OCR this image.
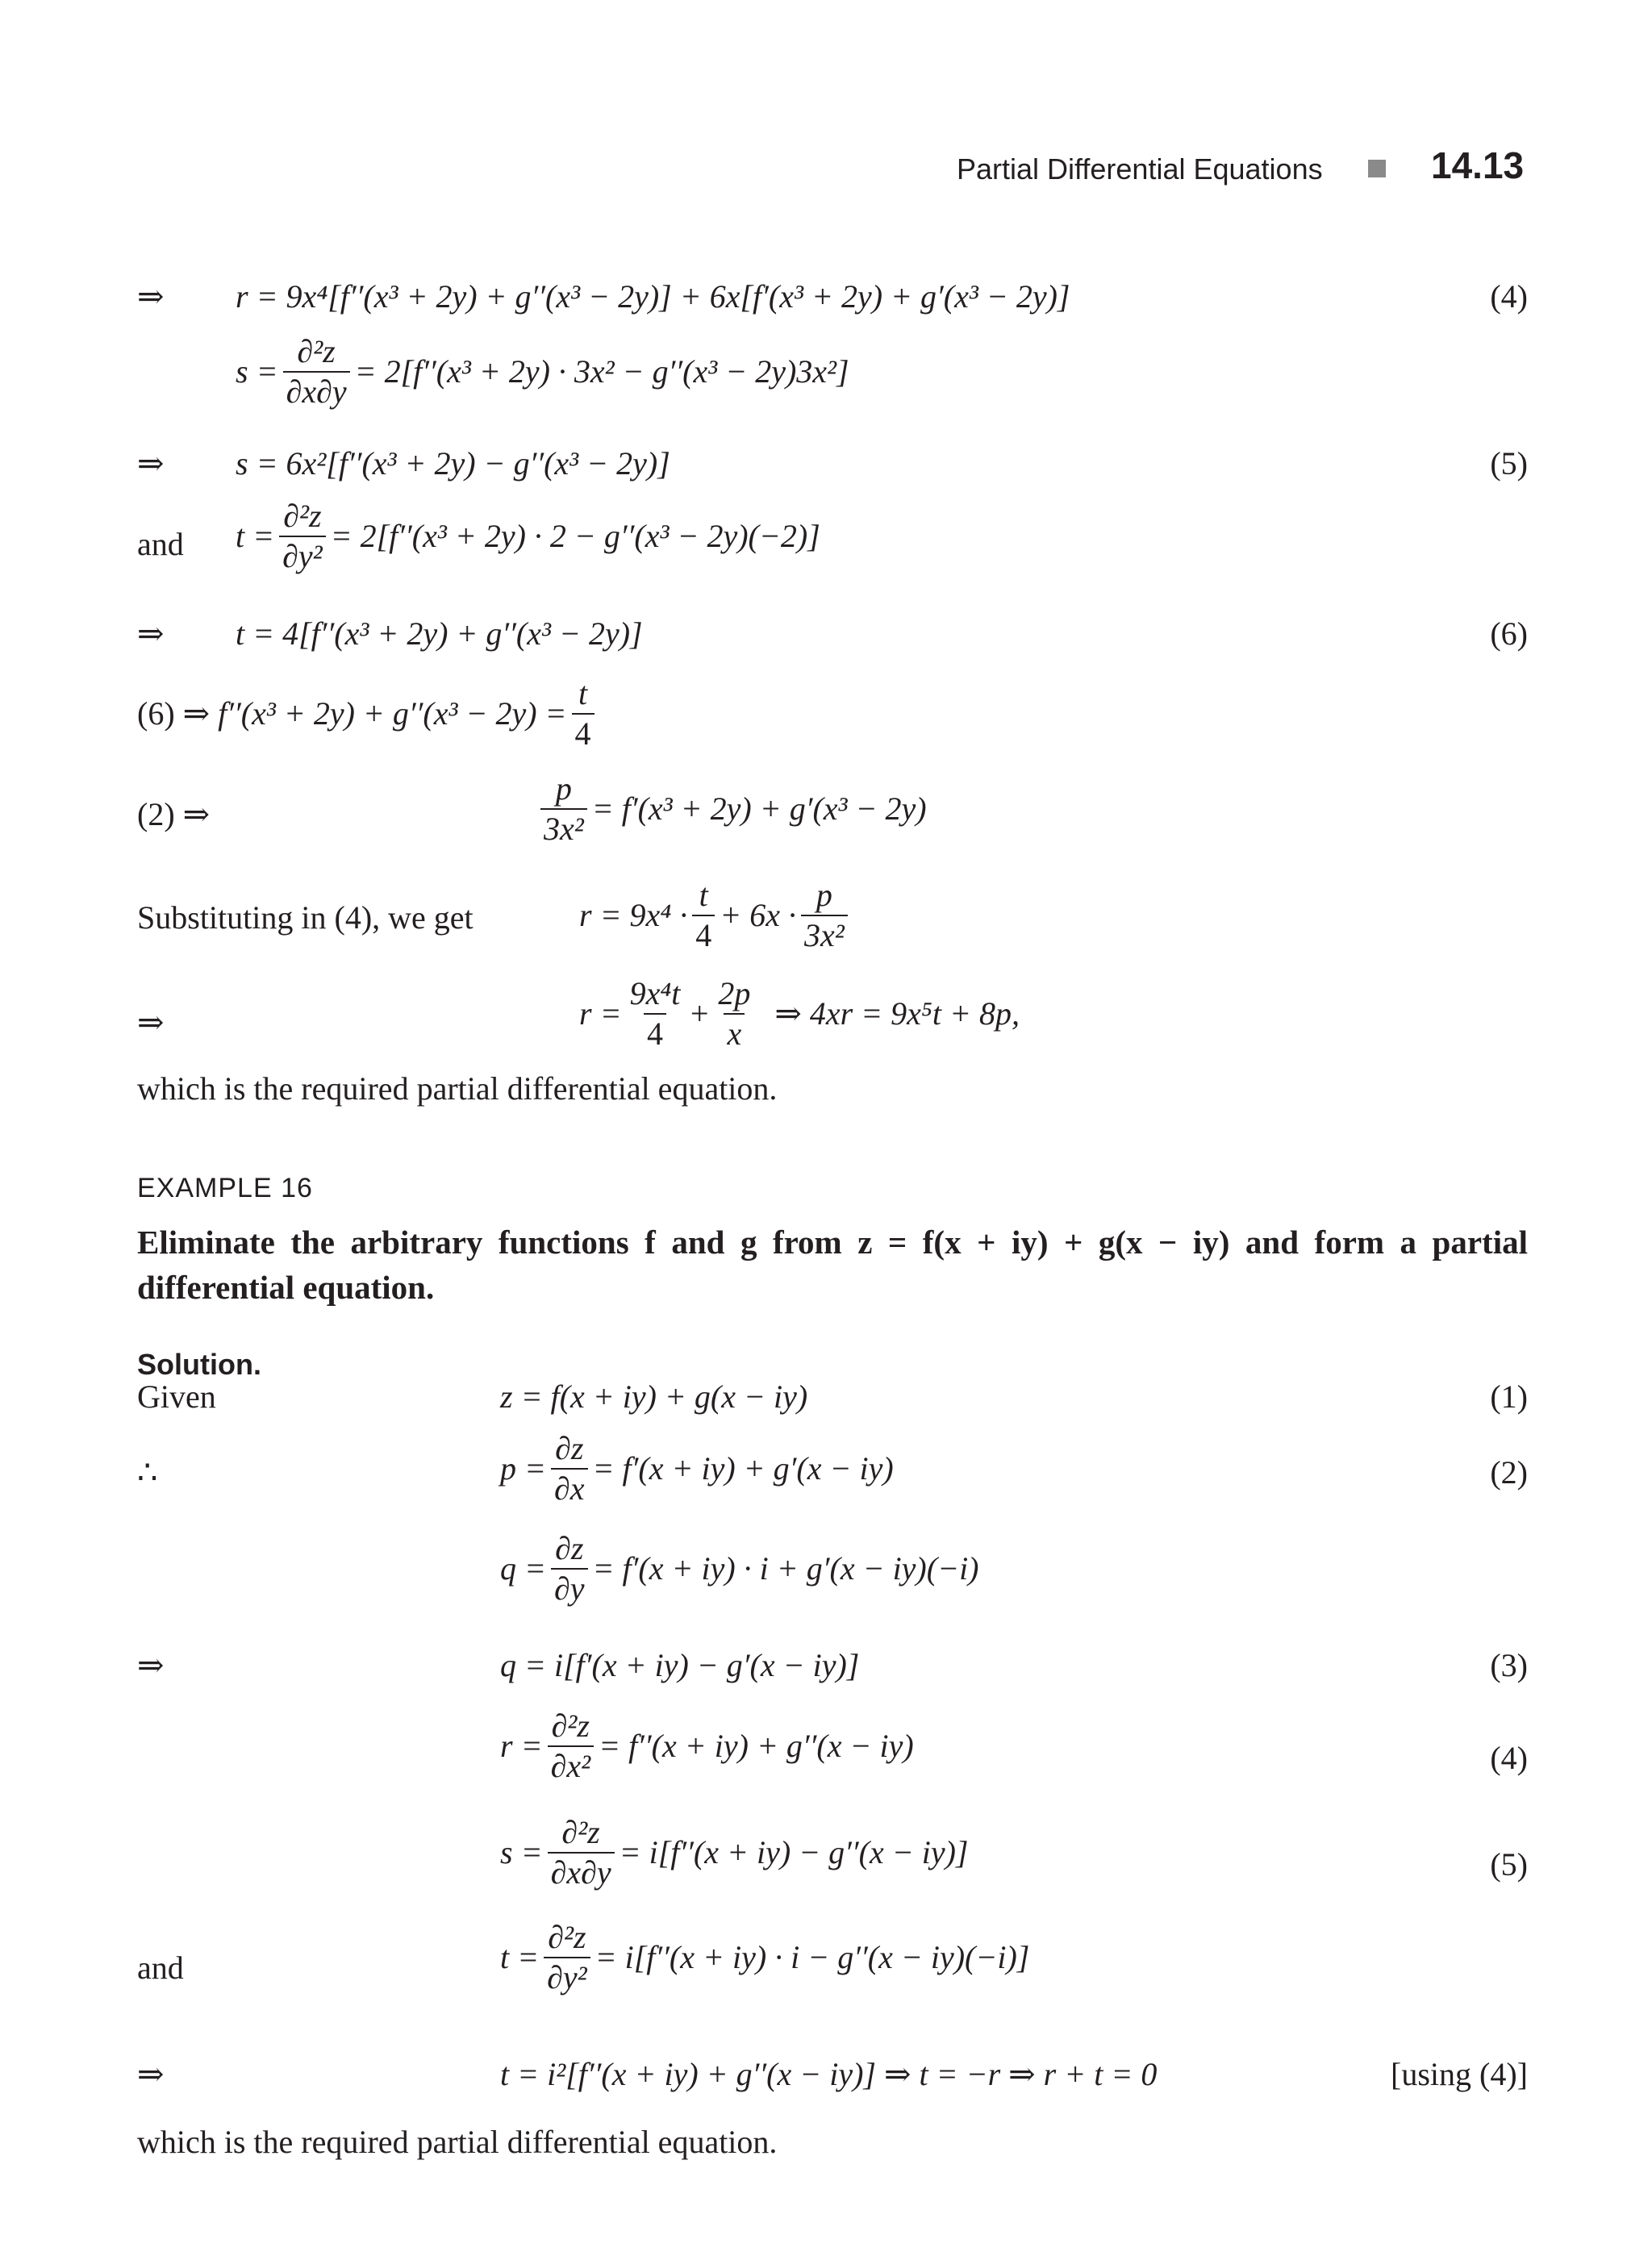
Partial Differential Equations	14.13
⇒ r = 9x⁴[f′′(x³ + 2y) + g′′(x³ − 2y)] + 6x[f′(x³ + 2y) + g′(x³ − 2y)]	(4)
$s = \frac{\text{∂²z}}{\partial x\partial y} = 2[f''(x^3 + 2y) \cdot 3x^2 - g''(x^3 - 2y)3x^2]$
⇒ s = 6x²[f′′(x³ + 2y) − g′′(x³ − 2y)]	(5)
and $t = \frac{\text{∂²z}}{\text{∂y²}} = 2[f''(x^3 + 2y) \cdot 2 - g''(x^3 - 2y)(-2)]$
⇒ t = 4[f′′(x³ + 2y) + g′′(x³ − 2y)]	(6)
(6) ⇒
$f''(x^3 + 2y) + g''(x^3 - 2y) = \frac{t}{4}$
(2) ⇒	$\frac{p}{\text{3x²}} = f'(x^3 + 2y) + g'(x^3 - 2y)$
Substituting in (4), we get	$r = 9x^4 \cdot \frac{t}{4} + 6x \cdot \frac{p}{\text{3x²}}$
⇒	$r = \frac{\text{9x⁴t}}{4} + \frac{2p}{x}$
⇒ 4xr = 9x⁵t + 8p,
which is the required partial differential equation.
EXAMPLE 16
Eliminate the arbitrary functions f and g from z = f(x + iy) + g(x − iy) and form a partial differential equation.
Solution.
Given	z = f(x + iy) + g(x − iy)	(1)
∴	$p = \frac{\partial z}{\partial x} = f'(x + iy) + g'(x - iy)$	(2)
$q = \frac{\partial z}{\partial y} = f'(x + iy) \cdot i + g'(x - iy)(-i)$
⇒	q = i[f′(x + iy) − g′(x − iy)]	(3)
$r = \frac{\text{∂²z}}{\text{∂x²}} = f''(x + iy) + g''(x - iy)$	(4)
$s = \frac{\text{∂²z}}{\partial x\partial y} = i[f''(x + iy) - g''(x - iy)]$	(5)
and	$t = \frac{\text{∂²z}}{\text{∂y²}} = i[f''(x + iy) \cdot i - g''(x - iy)(-i)]$
⇒	t = i²[f′′(x + iy) + g′′(x − iy)] ⇒ t = −r ⇒ r + t = 0	[using (4)]
which is the required partial differential equation.
